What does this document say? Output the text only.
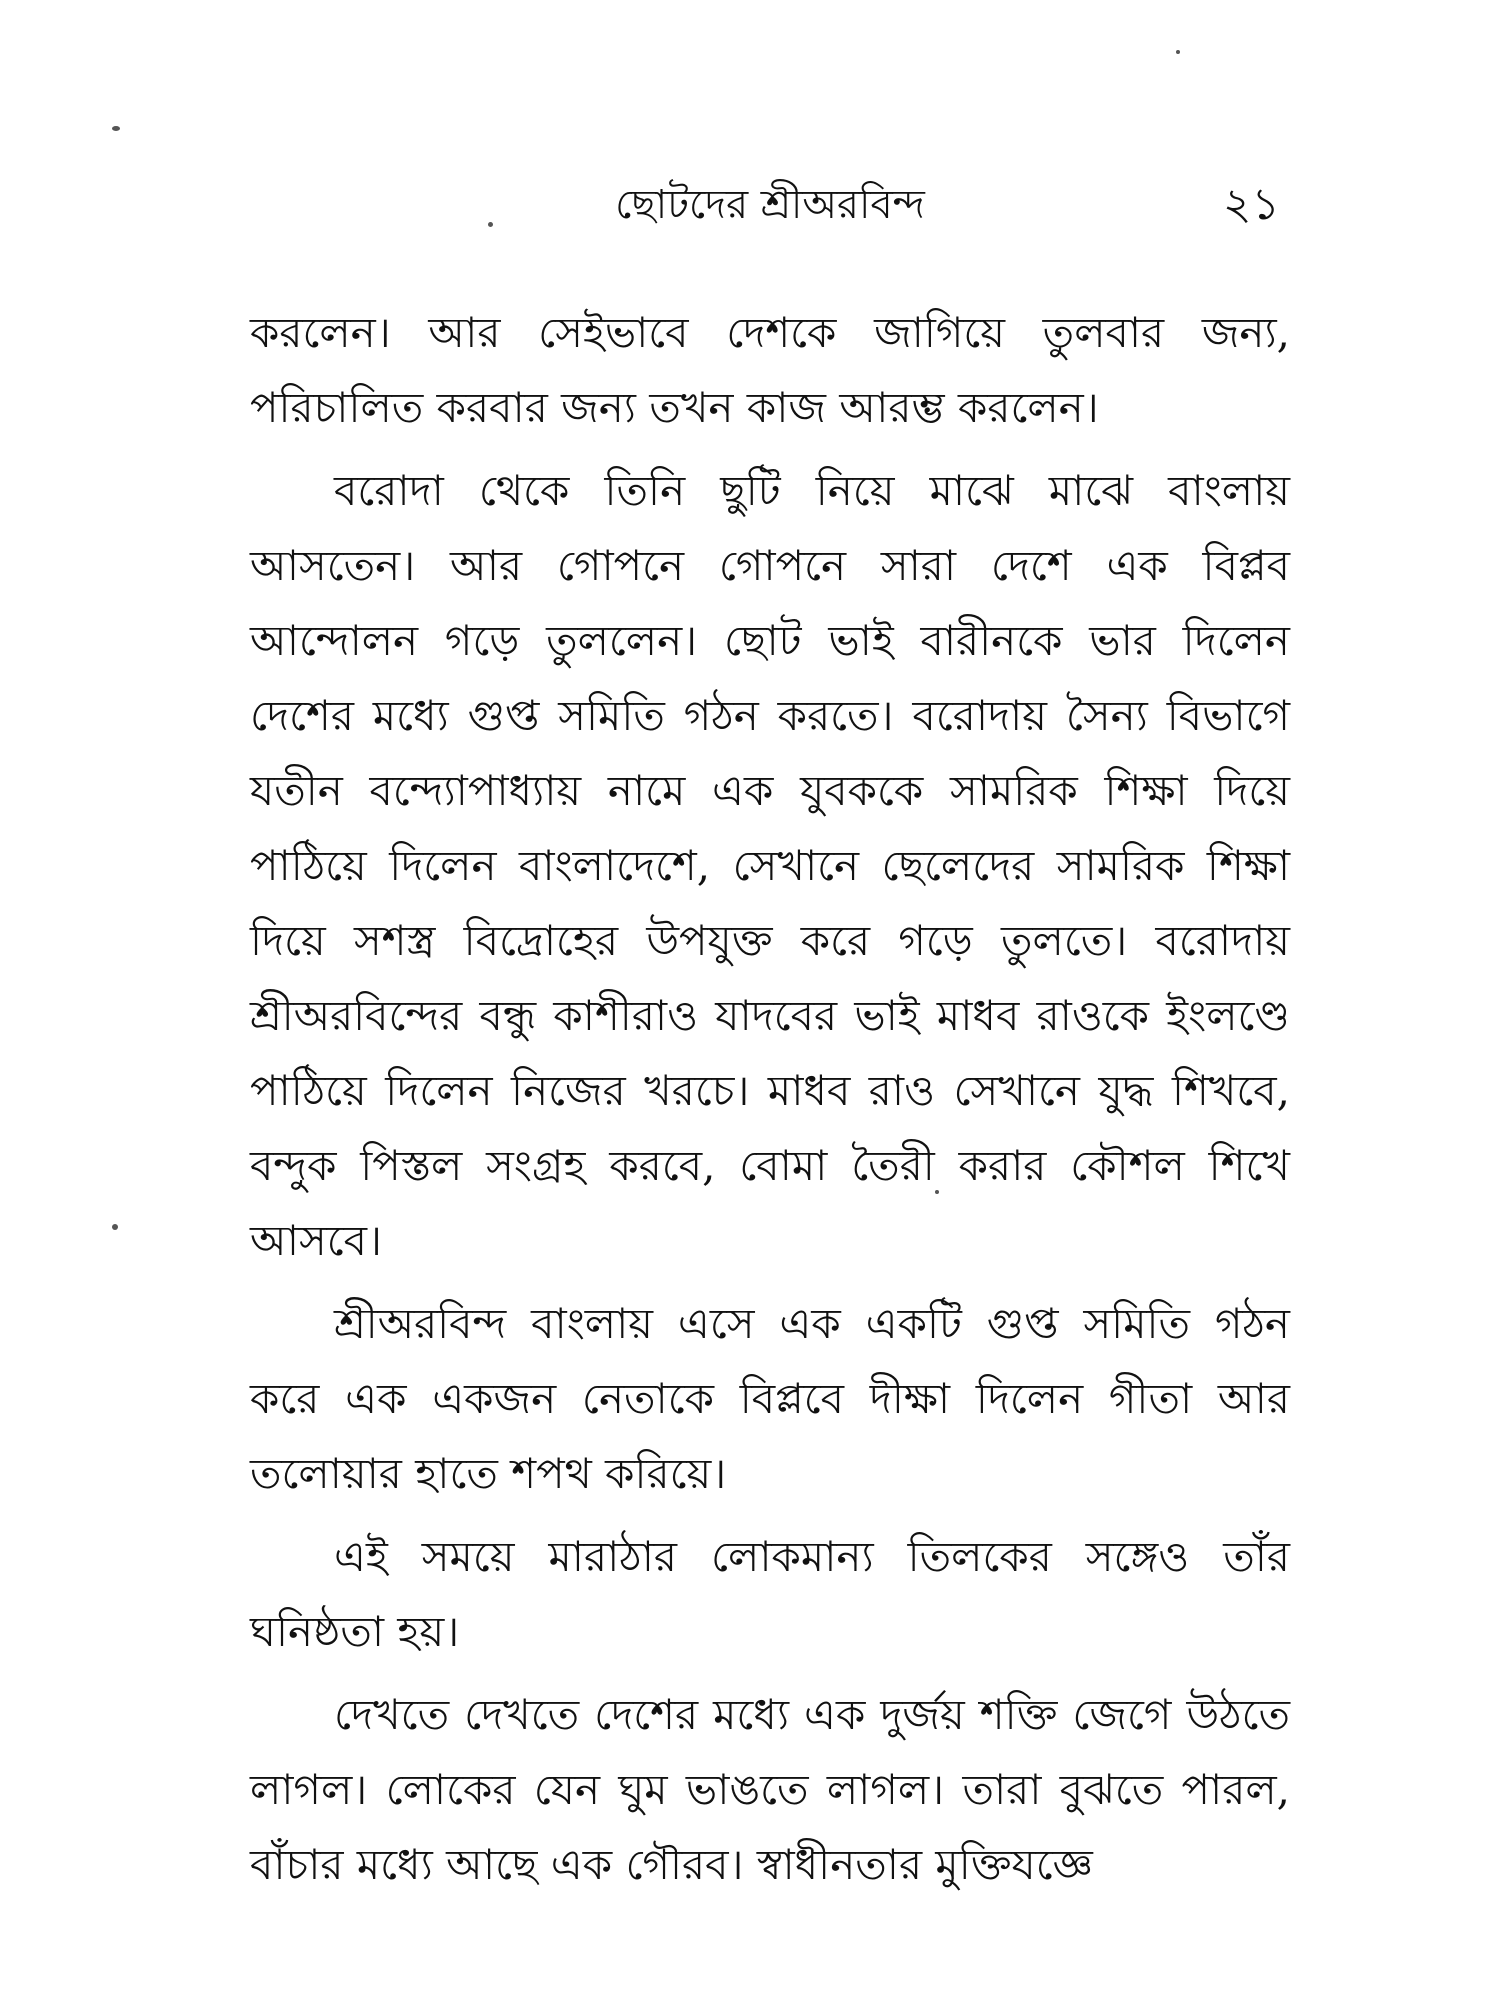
ছোটদের শ্রীঅরবিন্দ	২১

করলেন। আর সেইভাবে দেশকে জাগিয়ে তুলবার জন্য, পরিচালিত করবার জন্য তখন কাজ আরম্ভ করলেন।

বরোদা থেকে তিনি ছুটি নিয়ে মাঝে মাঝে বাংলায় আসতেন। আর গোপনে গোপনে সারা দেশে এক বিপ্লব আন্দোলন গড়ে তুললেন। ছোট ভাই বারীনকে ভার দিলেন দেশের মধ্যে গুপ্ত সমিতি গঠন করতে। বরোদায় সৈন্য বিভাগে যতীন বন্দ্যোপাধ্যায় নামে এক যুবককে সামরিক শিক্ষা দিয়ে পাঠিয়ে দিলেন বাংলাদেশে, সেখানে ছেলেদের সামরিক শিক্ষা দিয়ে সশস্ত্র বিদ্রোহের উপযুক্ত করে গড়ে তুলতে। বরোদায় শ্রীঅরবিন্দের বন্ধু কাশীরাও যাদবের ভাই মাধব রাওকে ইংলণ্ডে পাঠিয়ে দিলেন নিজের খরচে। মাধব রাও সেখানে যুদ্ধ শিখবে, বন্দুক পিস্তল সংগ্রহ করবে, বোমা তৈরী করার কৌশল শিখে আসবে।

শ্রীঅরবিন্দ বাংলায় এসে এক একটি গুপ্ত সমিতি গঠন করে এক একজন নেতাকে বিপ্লবে দীক্ষা দিলেন গীতা আর তলোয়ার হাতে শপথ করিয়ে।

এই সময়ে মারাঠার লোকমান্য তিলকের সঙ্গেও তাঁর ঘনিষ্ঠতা হয়।

দেখতে দেখতে দেশের মধ্যে এক দুর্জয় শক্তি জেগে উঠতে লাগল। লোকের যেন ঘুম ভাঙতে লাগল। তারা বুঝতে পারল, বাঁচার মধ্যে আছে এক গৌরব। স্বাধীনতার মুক্তিযজ্ঞে
